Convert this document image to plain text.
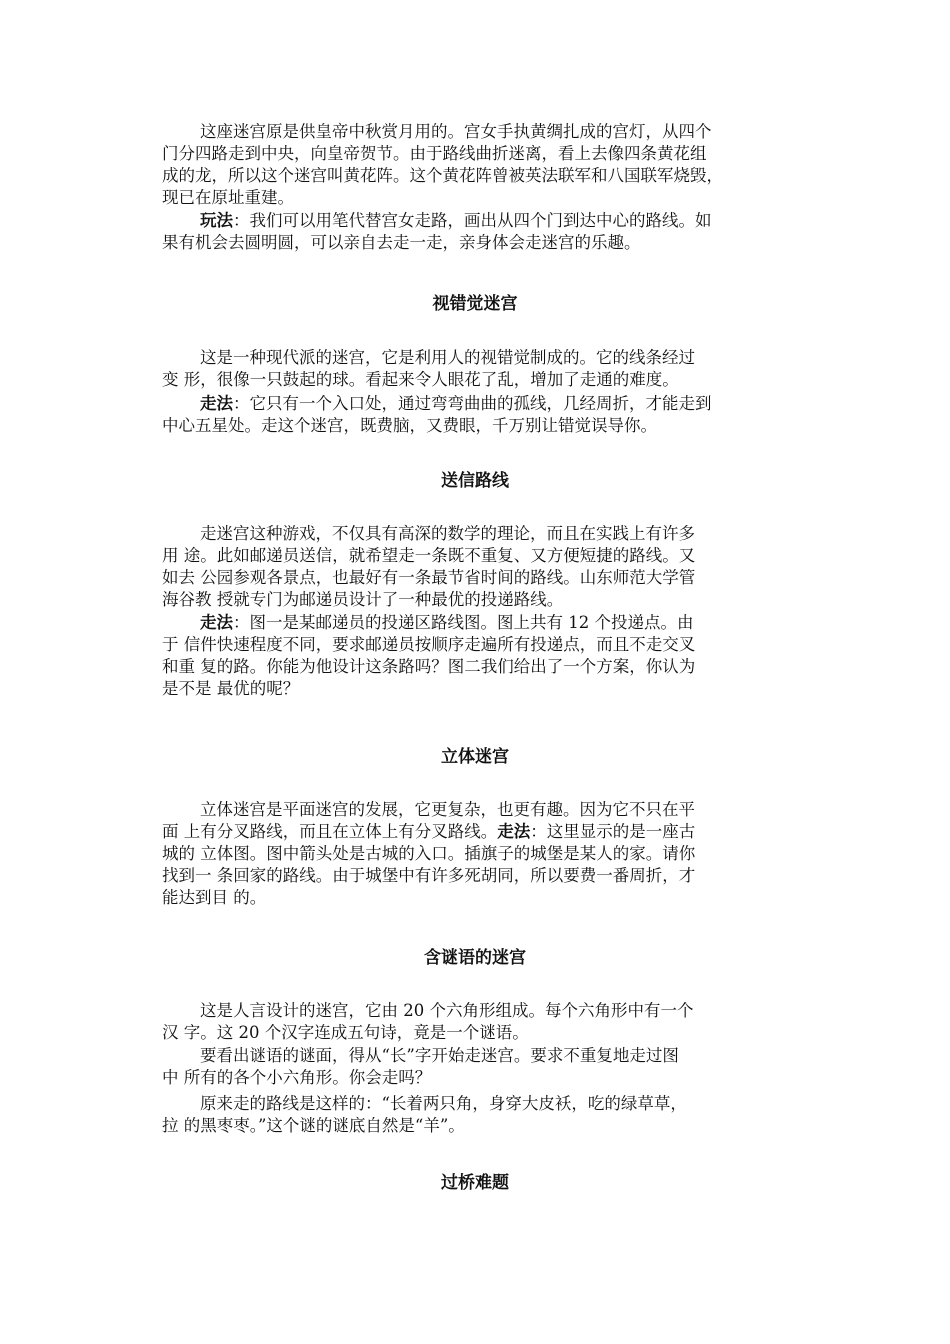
这座迷宫原是供皇帝中秋赏月用的。宫女手执黄绸扎成的宫灯，从四个
门分四路走到中央，向皇帝贺节。由于路线曲折迷离，看上去像四条黄花组
成的龙，所以这个迷宫叫黄花阵。这个黄花阵曾被英法联军和八国联军烧毁，
现已在原址重建。
玩法：我们可以用笔代替宫女走路，画出从四个门到达中心的路线。如
果有机会去圆明圆，可以亲自去走一走，亲身体会走迷宫的乐趣。
视错觉迷宫
这是一种现代派的迷宫，它是利用人的视错觉制成的。它的线条经过
变 形，很像一只鼓起的球。看起来令人眼花了乱，增加了走通的难度。
走法：它只有一个入口处，通过弯弯曲曲的孤线，几经周折，才能走到
中心五星处。走这个迷宫，既费脑，又费眼，千万别让错觉误导你。
送信路线
走迷宫这种游戏，不仅具有高深的数学的理论，而且在实践上有许多
用 途。此如邮递员送信，就希望走一条既不重复、又方便短捷的路线。又
如去 公园参观各景点，也最好有一条最节省时间的路线。山东师范大学管
海谷教 授就专门为邮递员设计了一种最优的投递路线。
走法：图一是某邮递员的投递区路线图。图上共有 12 个投递点。由
于 信件快速程度不同，要求邮递员按顺序走遍所有投递点，而且不走交叉
和重 复的路。你能为他设计这条路吗？图二我们给出了一个方案，你认为
是不是 最优的呢？
立体迷宫
立体迷宫是平面迷宫的发展，它更复杂，也更有趣。因为它不只在平
面 上有分叉路线，而且在立体上有分叉路线。走法：这里显示的是一座古
城的 立体图。图中箭头处是古城的入口。插旗子的城堡是某人的家。请你
找到一 条回家的路线。由于城堡中有许多死胡同，所以要费一番周折，才
能达到目 的。
含谜语的迷宫
这是人言设计的迷宫，它由 20 个六角形组成。每个六角形中有一个
汉 字。这 20 个汉字连成五句诗，竟是一个谜语。
要看出谜语的谜面，得从“长”字开始走迷宫。要求不重复地走过图
中 所有的各个小六角形。你会走吗？
原来走的路线是这样的：“长着两只角，身穿大皮袄，吃的绿草草，
拉 的黑枣枣。”这个谜的谜底自然是“羊”。
过桥难题
